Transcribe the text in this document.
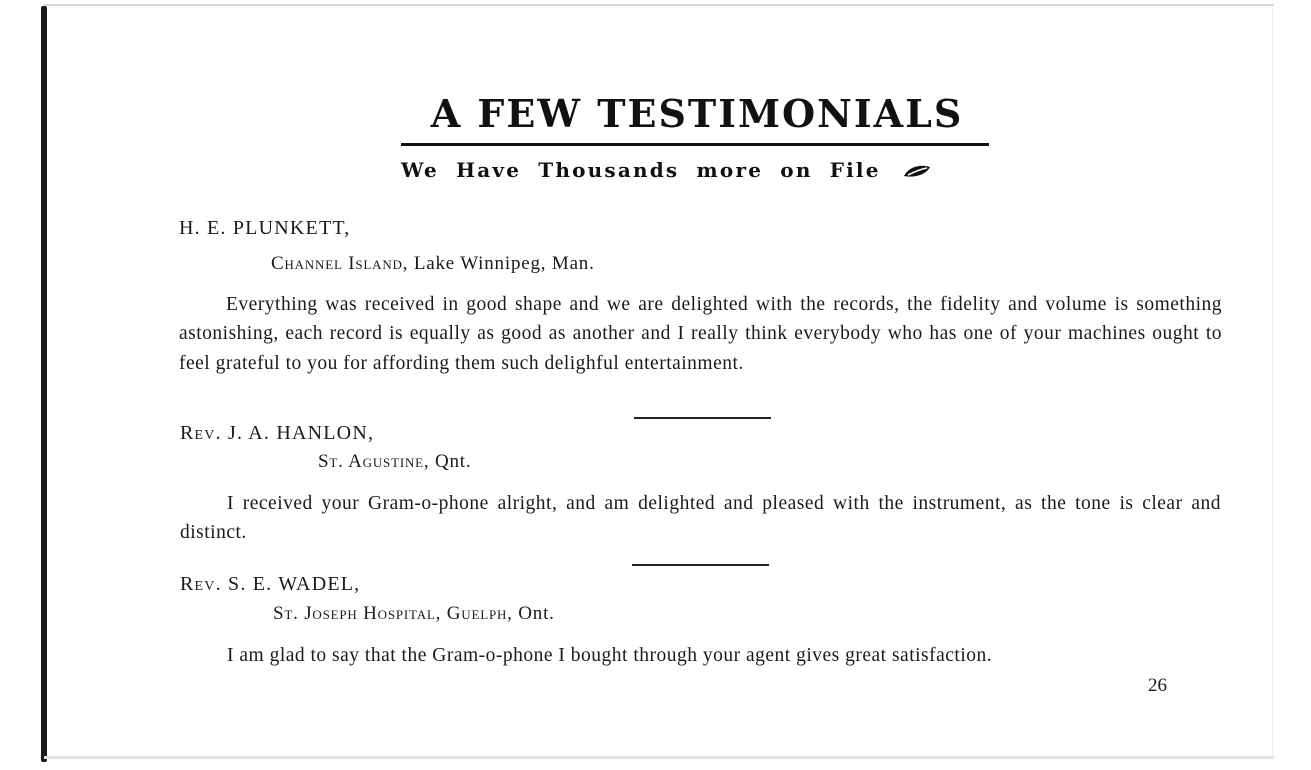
A FEW TESTIMONIALS
We Have Thousands more on File
H. E. PLUNKETT,
Channel Island, Lake Winnipeg, Man.

Everything was received in good shape and we are delighted with the records, the fidelity and volume is something astonishing, each record is equally as good as another and I really think everybody who has one of your machines ought to feel grateful to you for affording them such delighful entertainment.

Rev. J. A. HANLON,
St. Agustine, Qnt.

I received your Gram-o-phone alright, and am delighted and pleased with the instrument, as the tone is clear and distinct.

Rev. S. E. WADEL,
St. Joseph Hospital, Guelph, Ont.

I am glad to say that the Gram-o-phone I bought through your agent gives great satisfaction.

26
